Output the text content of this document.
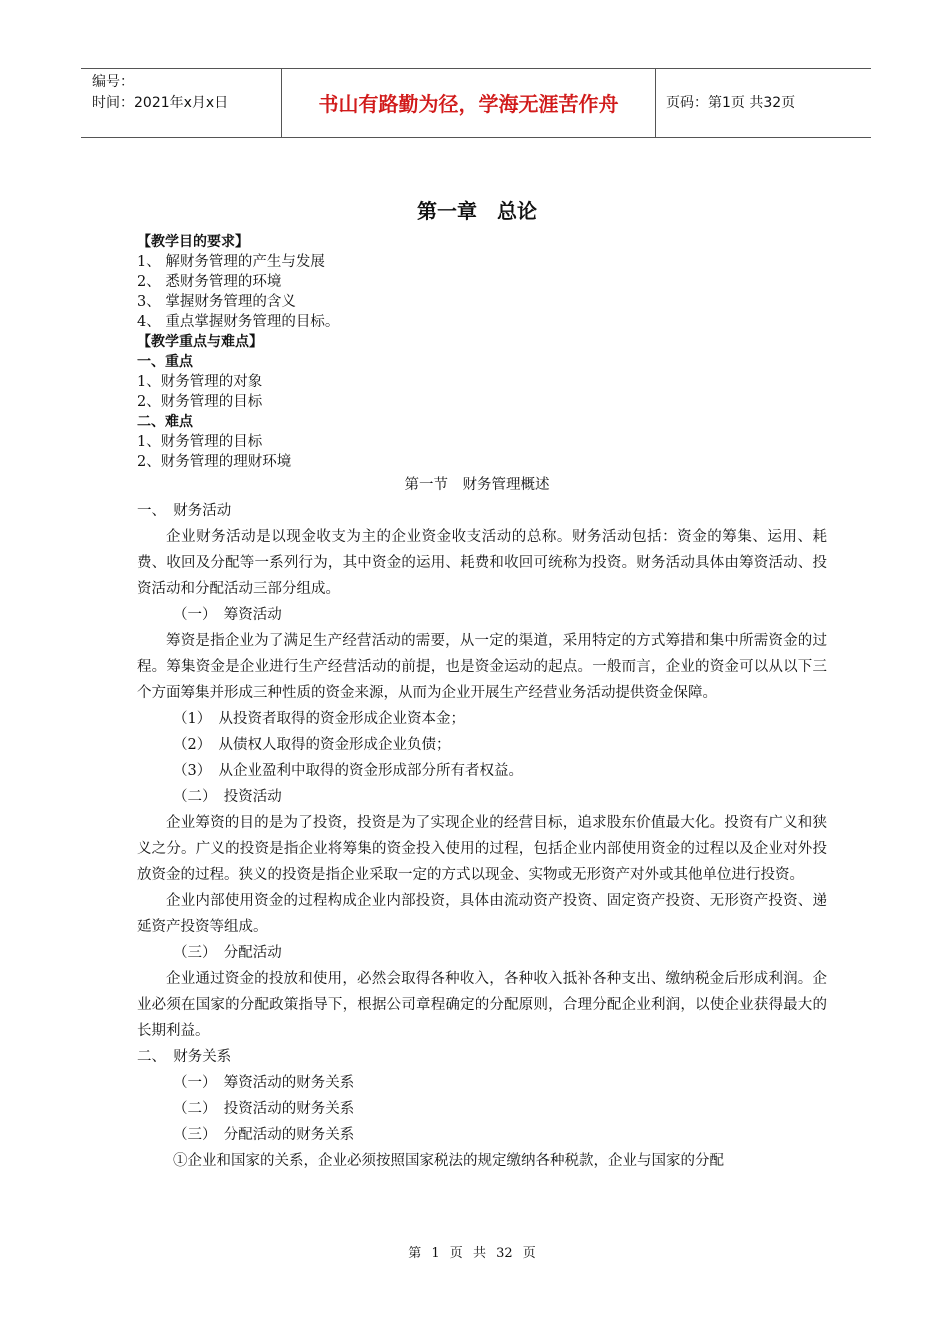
编号：
时间：2021年x月x日	书山有路勤为径，学海无涯苦作舟	页码：第1页 共32页
第一章　总论
【教学目的要求】
1、 解财务管理的产生与发展
2、 悉财务管理的环境
3、 掌握财务管理的含义
4、 重点掌握财务管理的目标。
【教学重点与难点】
一、重点
1、财务管理的对象
2、财务管理的目标
二、难点
1、财务管理的目标
2、财务管理的理财环境
第一节　财务管理概述
一、　财务活动
企业财务活动是以现金收支为主的企业资金收支活动的总称。财务活动包括：资金的筹集、运用、耗费、收回及分配等一系列行为，其中资金的运用、耗费和收回可统称为投资。财务活动具体由筹资活动、投资活动和分配活动三部分组成。
（一）　筹资活动
筹资是指企业为了满足生产经营活动的需要，从一定的渠道，采用特定的方式筹措和集中所需资金的过程。筹集资金是企业进行生产经营活动的前提，也是资金运动的起点。一般而言，企业的资金可以从以下三个方面筹集并形成三种性质的资金来源，从而为企业开展生产经营业务活动提供资金保障。
（1）　从投资者取得的资金形成企业资本金；
（2）　从债权人取得的资金形成企业负债；
（3）　从企业盈利中取得的资金形成部分所有者权益。
（二）　投资活动
企业筹资的目的是为了投资，投资是为了实现企业的经营目标，追求股东价值最大化。投资有广义和狭义之分。广义的投资是指企业将筹集的资金投入使用的过程，包括企业内部使用资金的过程以及企业对外投放资金的过程。狭义的投资是指企业采取一定的方式以现金、实物或无形资产对外或其他单位进行投资。
企业内部使用资金的过程构成企业内部投资，具体由流动资产投资、固定资产投资、无形资产投资、递延资产投资等组成。
（三）　分配活动
企业通过资金的投放和使用，必然会取得各种收入，各种收入抵补各种支出、缴纳税金后形成利润。企业必须在国家的分配政策指导下，根据公司章程确定的分配原则，合理分配企业利润，以使企业获得最大的长期利益。
二、　财务关系
（一）　筹资活动的财务关系
（二）　投资活动的财务关系
（三）　分配活动的财务关系
①企业和国家的关系，企业必须按照国家税法的规定缴纳各种税款，企业与国家的分配
第 1 页 共 32 页
